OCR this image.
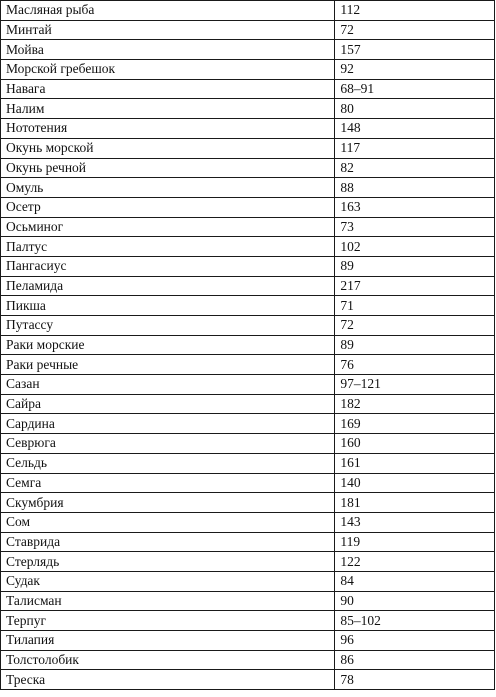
Масляная рыба	112
Минтай	72
Мойва	157
Морской гребешок	92
Навага	68–91
Налим	80
Нототения	148
Окунь морской	117
Окунь речной	82
Омуль	88
Осетр	163
Осьминог	73
Палтус	102
Пангасиус	89
Пеламида	217
Пикша	71
Путассу	72
Раки морские	89
Раки речные	76
Сазан	97–121
Сайра	182
Сардина	169
Севрюга	160
Сельдь	161
Семга	140
Скумбрия	181
Сом	143
Ставрида	119
Стерлядь	122
Судак	84
Талисман	90
Терпуг	85–102
Тилапия	96
Толстолобик	86
Треска	78
